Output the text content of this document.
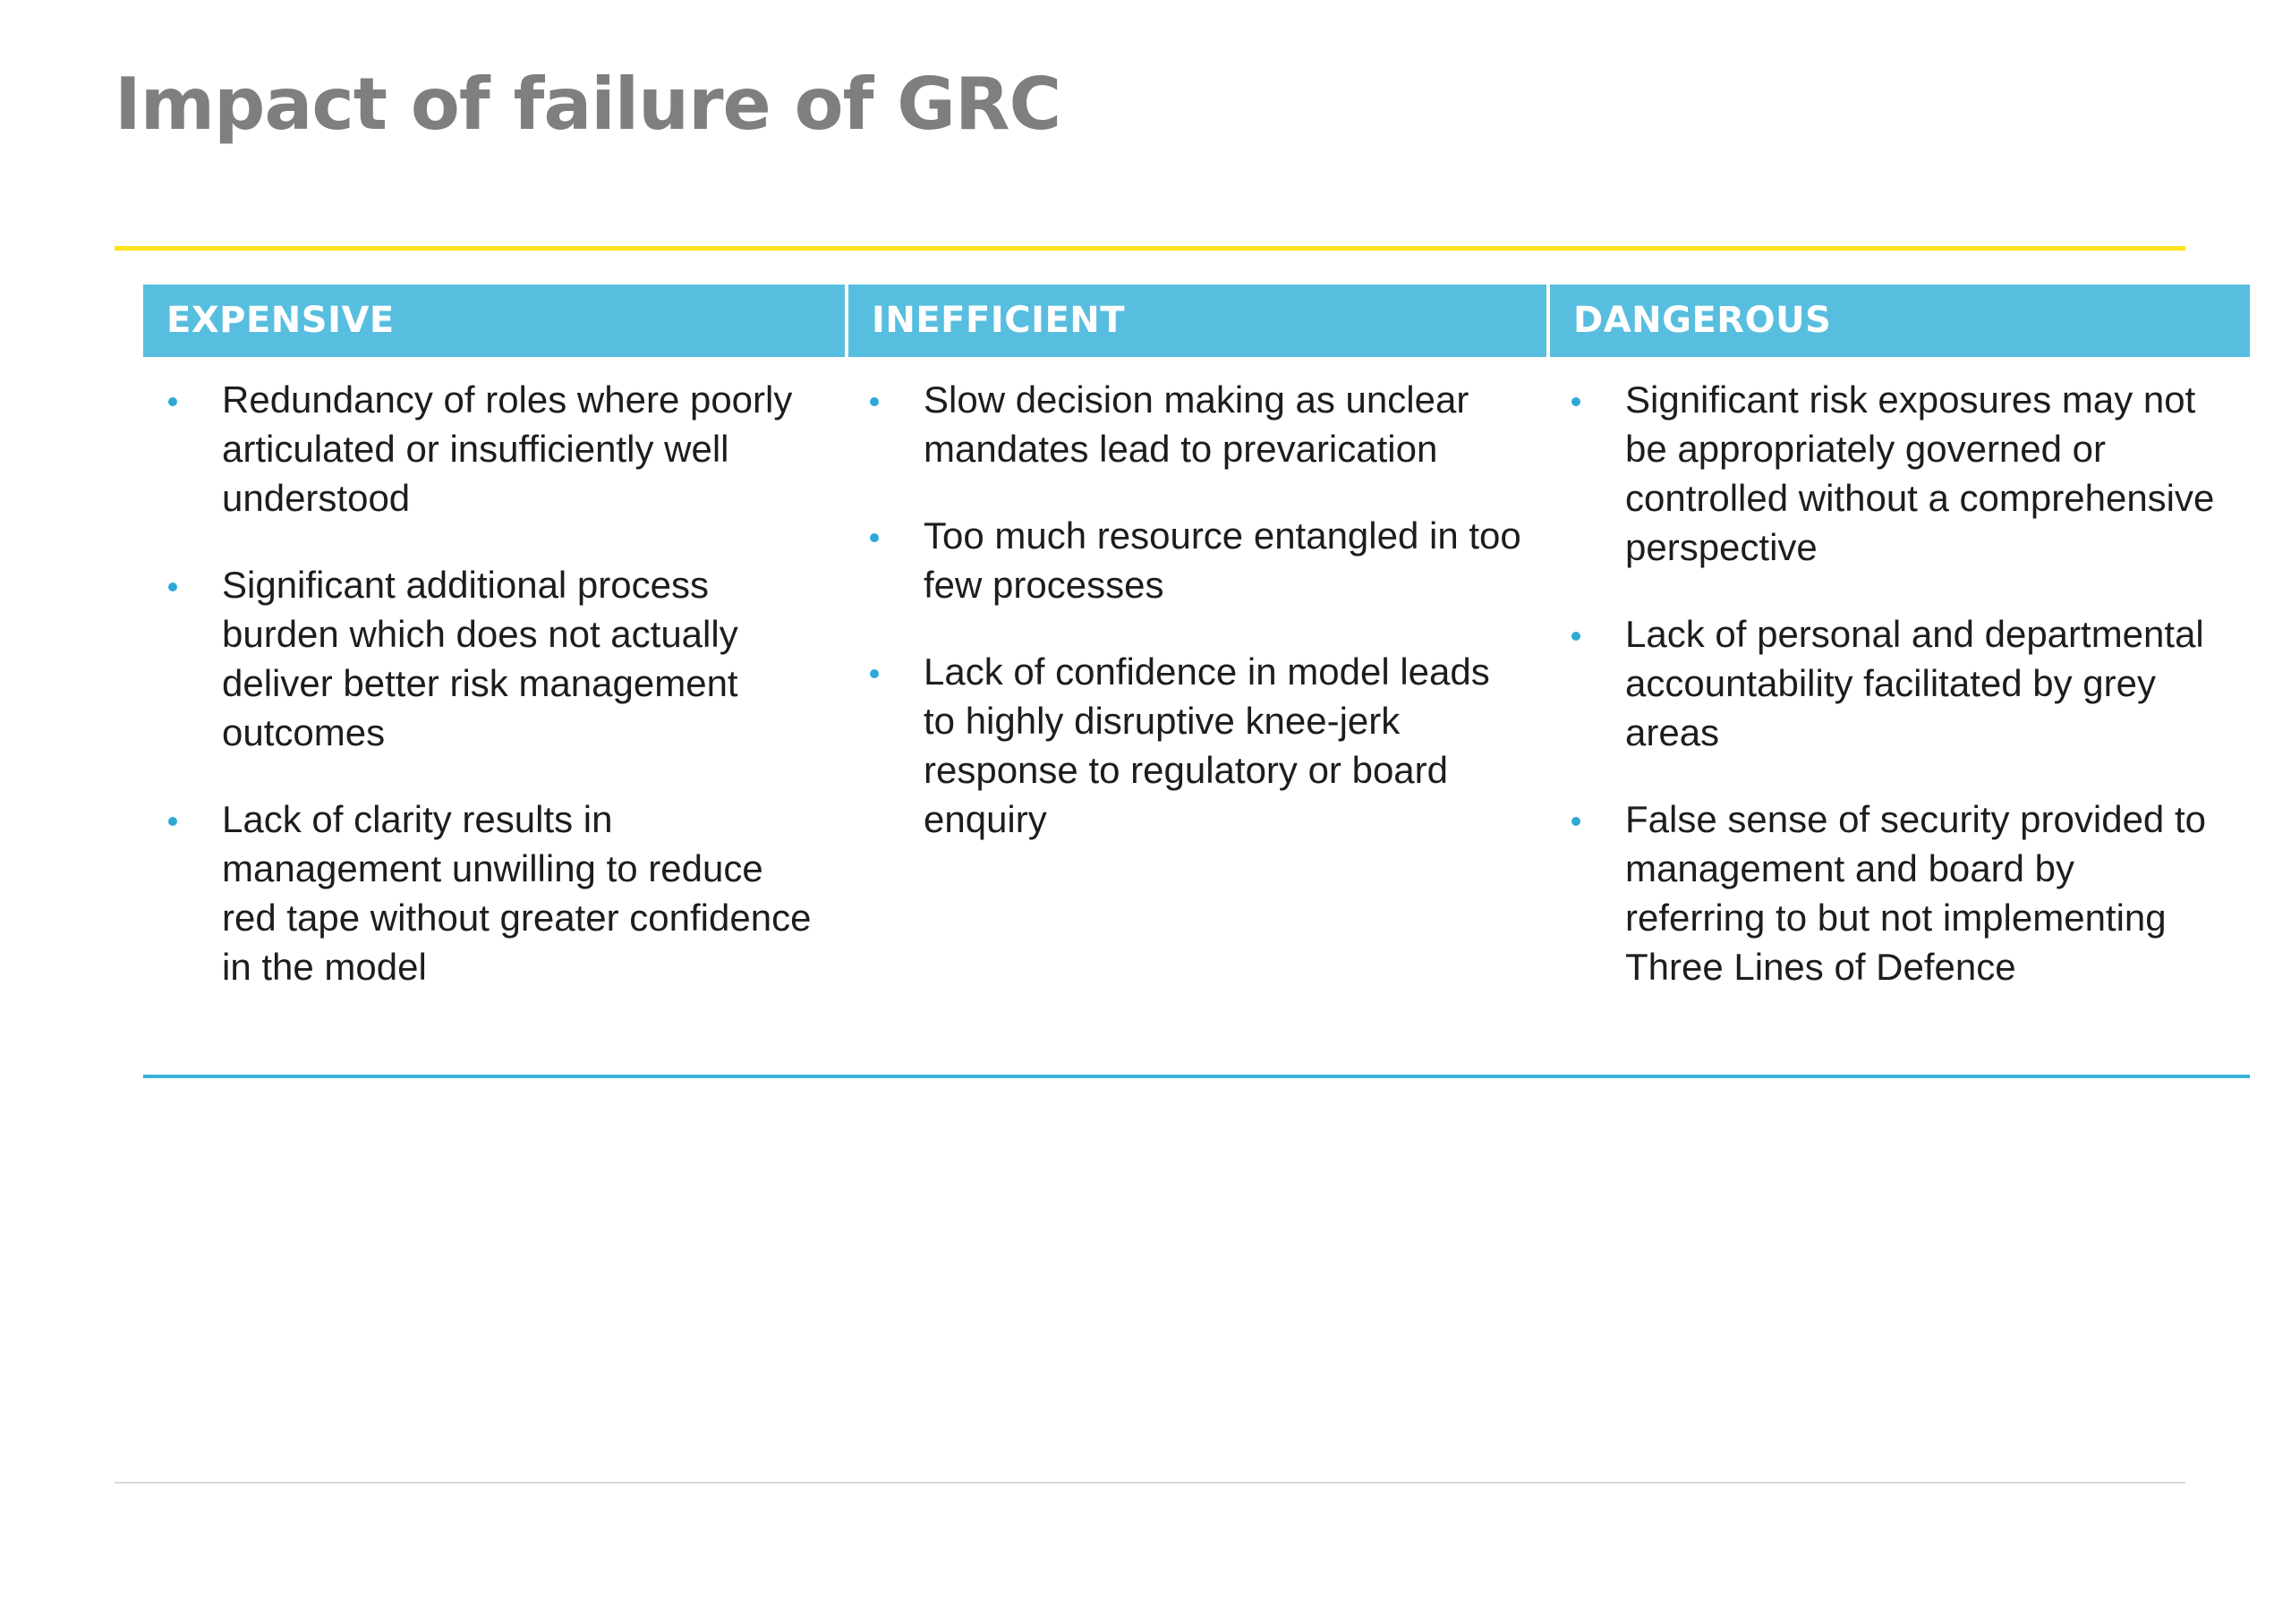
Impact of failure of GRC
EXPENSIVE	INEFFICIENT	DANGEROUS
Redundancy of roles where poorly articulated or insufficiently well understood
Significant additional process burden which does not actually deliver better risk management outcomes
Lack of clarity results in management unwilling to reduce red tape without greater confidence in the model
Slow decision making as unclear mandates lead to prevarication
Too much resource entangled in too few processes
Lack of confidence in model leads to highly disruptive knee-jerk response to regulatory or board enquiry
Significant risk exposures may not be appropriately governed or controlled without a comprehensive perspective
Lack of personal and departmental accountability facilitated by grey areas
False sense of security provided to management and board by referring to but not implementing Three Lines of Defence
